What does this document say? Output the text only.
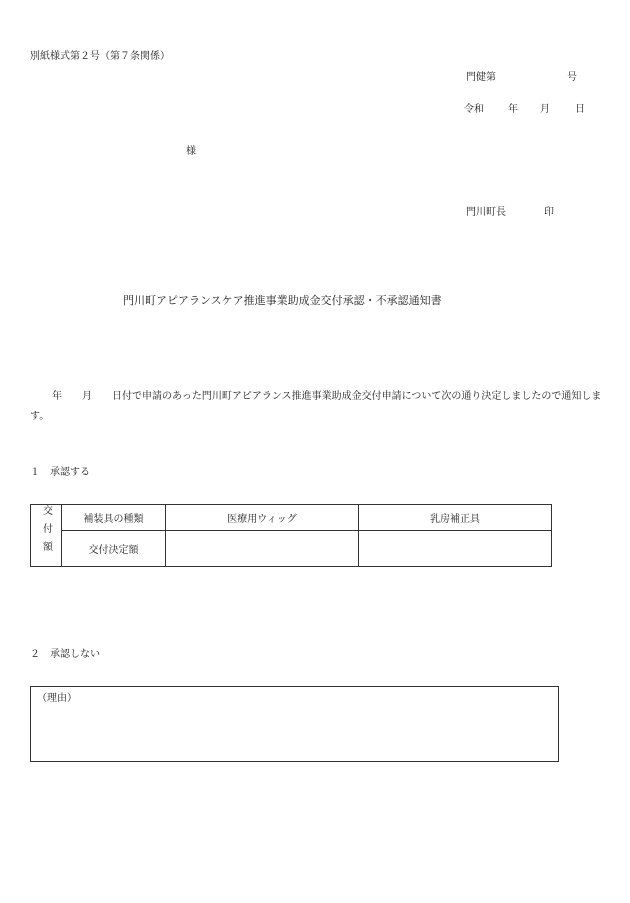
別紙様式第２号（第７条関係）
門健第	号
令和 年 月	日
様
門川町長	印
門川町アピアランスケア推進事業助成金交付承認・不承認通知書
年　　月　　日付で申請のあった門川町アピアランス推進事業助成金交付申請について次の通り決定しましたので通知します。
１　承認する
交付額	補装具の種類	医療用ウィッグ	乳房補正具
	交付決定額		
２　承認しない
（理由）
